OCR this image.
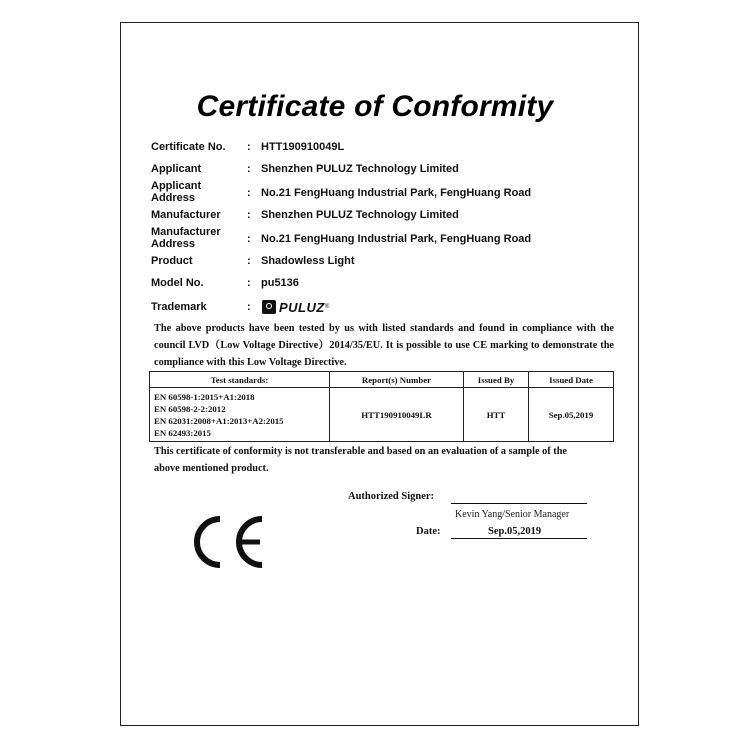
Certificate of Conformity
Certificate No.	: HTT190910049L
Applicant	: Shenzhen PULUZ Technology Limited
Applicant Address	: No.21 FengHuang Industrial Park, FengHuang Road
Manufacturer	: Shenzhen PULUZ Technology Limited
Manufacturer Address	: No.21 FengHuang Industrial Park, FengHuang Road
Product	: Shadowless Light
Model No.	: pu5136
Trademark	: PULUZ ®
The above products have been tested by us with listed standards and found in compliance with the council LVD（Low Voltage Directive）2014/35/EU. It is possible to use CE marking to demonstrate the compliance with this Low Voltage Directive.
Test standards:	Report(s) Number	Issued By	Issued Date

EN 60598-1:2015+A1:2018
EN 60598-2-2:2012
EN 62031:2008+A1:2013+A2:2015
EN 62493:2015	HTT190910049LR	HTT	Sep.05,2019
This certificate of conformity is not transferable and based on an evaluation of a sample of the above mentioned product.
Authorized Signer:
Kevin Yang/Senior Manager
Date:	Sep.05,2019
